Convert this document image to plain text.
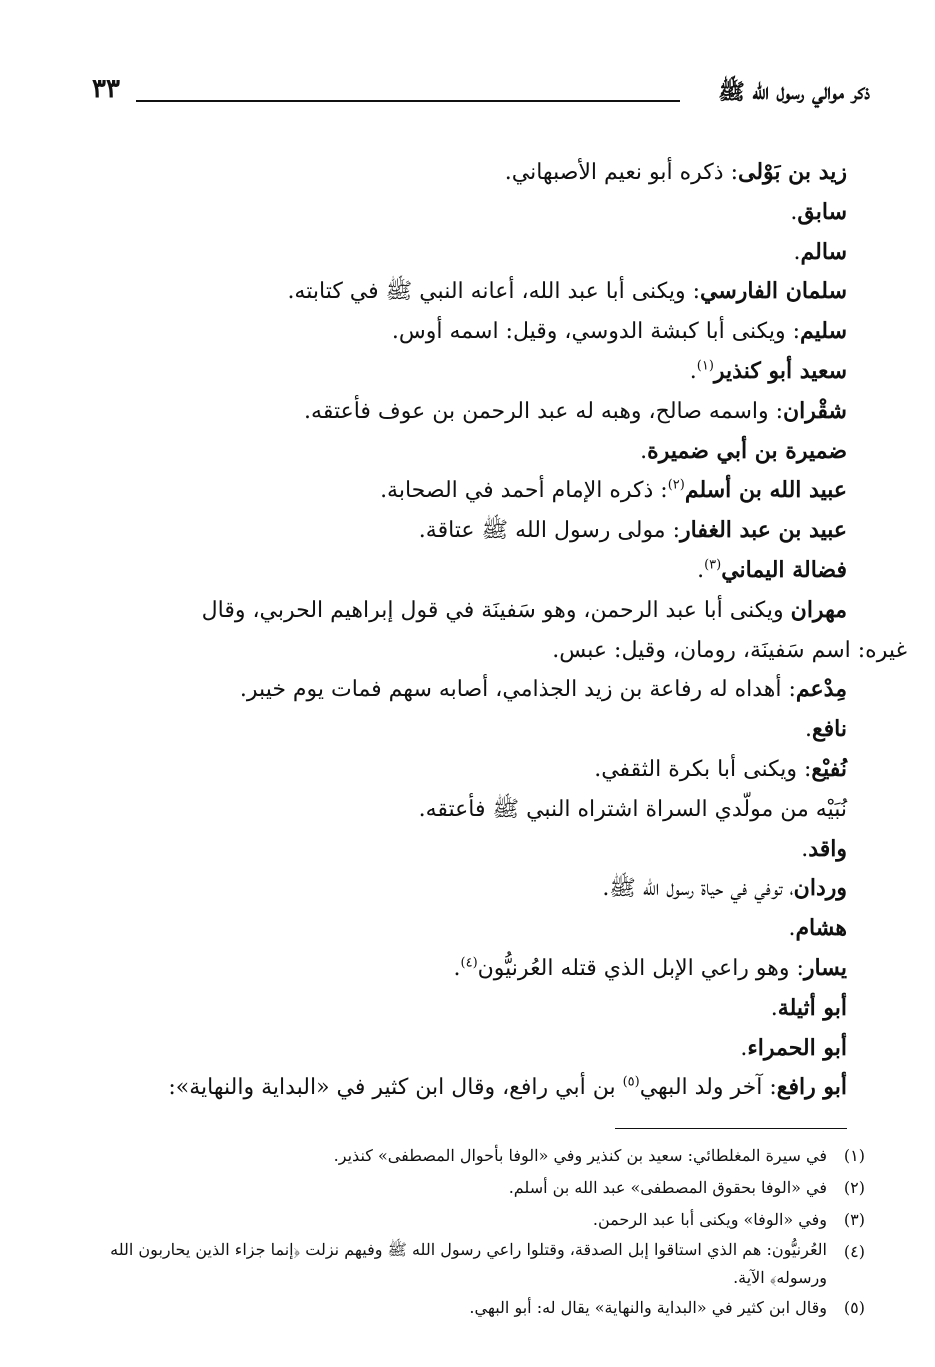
ذكر موالي رسول الله ﷺ
٣٣

زيد بن بَوْلى: ذكره أبو نعيم الأصبهاني.

سابق.

سالم.

سلمان الفارسي: ويكنى أبا عبد الله، أعانه النبي ﷺ في كتابته.

سليم: ويكنى أبا كبشة الدوسي، وقيل: اسمه أوس.

سعيد أبو كنذير$^{(١)}$.

شقْران: واسمه صالح، وهبه له عبد الرحمن بن عوف فأعتقه.

ضميرة بن أبي ضميرة.

عبيد الله بن أسلم$^{(٢)}$: ذكره الإمام أحمد في الصحابة.

عبيد بن عبد الغفار: مولى رسول الله ﷺ عتاقة.

فضالة اليماني$^{(٣)}$.

مهران ويكنى أبا عبد الرحمن، وهو سَفينَة في قول إبراهيم الحربي، وقال

غيره: اسم سَفينَة، رومان، وقيل: عبس.

مِدْعم: أهداه له رفاعة بن زيد الجذامي، أصابه سهم فمات يوم خيبر.

نافع.

نُفيْع: ويكنى أبا بكرة الثقفي.

نُبَيْه من مولّدي السراة اشتراه النبي ﷺ فأعتقه.

واقد.

وردان، توفي في حياة رسول الله ﷺ.

هشام.

يسار: وهو راعي الإبل الذي قتله العُرنيُّون$^{(٤)}$.

أبو أثيلة.

أبو الحمراء.

أبو رافع: آخر ولد البهي$^{(٥)}$ بن أبي رافع، وقال ابن كثير في «البداية والنهاية»:

(١)
في سيرة المغلطائي: سعيد بن كنذير وفي «الوفا بأحوال المصطفى» كنذير.

(٢)
في «الوفا بحقوق المصطفى» عبد الله بن أسلم.

(٣)
وفي «الوفا» ويكنى أبا عبد الرحمن.

(٤)
العُرنيُّون: هم الذي استاقوا إبل الصدقة، وقتلوا راعي رسول الله ﷺ وفيهم نزلت ﴿إنما جزاء الذين يحاربون الله ورسوله﴾ الآية.

(٥)
وقال ابن كثير في «البداية والنهاية» يقال له: أبو البهي.
